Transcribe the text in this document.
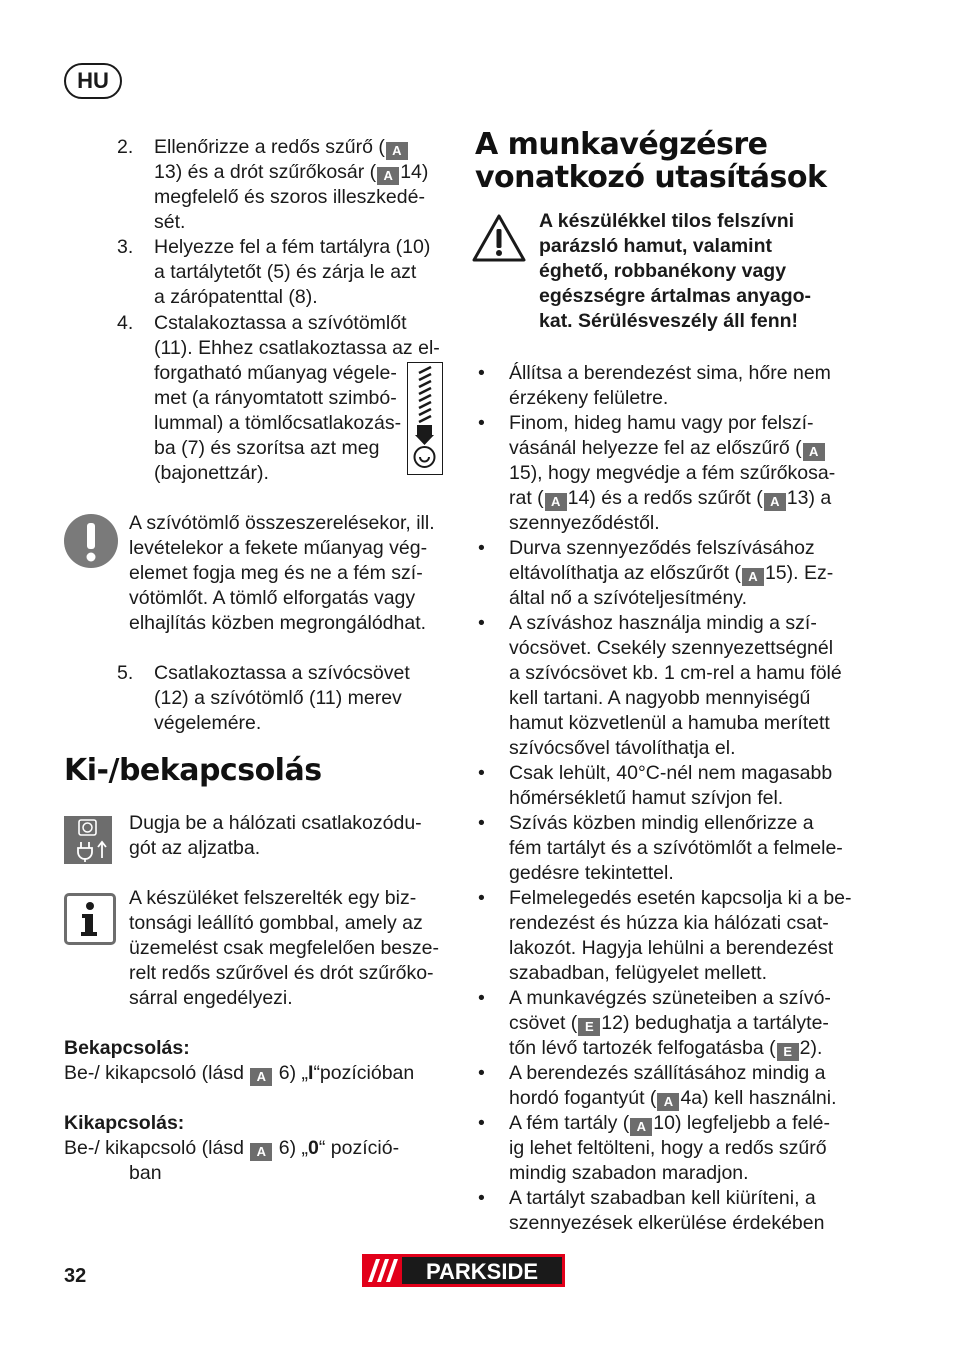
HU
2. Ellenőrizze a redős szűrő ( A
13) és a drót szűrőkosár ( A 14)
megfelelő és szoros illeszkedé-
sét.
3. Helyezze fel a fém tartályra (10)
a tartálytetőt (5) és zárja le azt
a zárópatenttal (8).
4. Cstalakoztassa a szívótömlőt
(11). Ehhez csatlakoztassa az el-
forgatható műanyag végele-
met (a rányomtatott szimbó-
lummal) a tömlőcsatlakozás-
ba (7) és szorítsa azt meg
(bajonettzár).
A szívótömlő összeszerelésekor, ill.
levételekor a fekete műanyag vég-
elemet fogja meg és ne a fém szí-
vótömlőt. A tömlő elforgatás vagy
elhajlítás közben megrongálódhat.
5. Csatlakoztassa a szívócsövet
(12) a szívótömlő (11) merev
végelemére.
Ki-/bekapcsolás
Dugja be a hálózati csatlakozódu-
gót az aljzatba.
A készüléket felszerelték egy biz-
tonsági leállító gombbal, amely az
üzemelést csak megfelelően besze-
relt redős szűrővel és drót szűrőko-
sárral engedélyezi.
Bekapcsolás:
Be-/ kikapcsoló (lásd A 6) „I“pozícióban
Kikapcsolás:
Be-/ kikapcsoló (lásd A 6) „0“ pozíció-
ban
A munkavégzésre
vonatkozó utasítások
A készülékkel tilos felszívni
parázsló hamut, valamint
éghető, robbanékony vagy
egészségre ártalmas anyago-
kat. Sérülésveszély áll fenn!
• Állítsa a berendezést sima, hőre nem
érzékeny felületre.
• Finom, hideg hamu vagy por felszí-
vásánál helyezze fel az előszűrő ( A
15), hogy megvédje a fém szűrőkosa-
rat ( A 14) és a redős szűrőt ( A 13) a
szennyeződéstől.
• Durva szennyeződés felszívásához
eltávolíthatja az előszűrőt ( A 15). Ez-
által nő a szívóteljesítmény.
• A szíváshoz használja mindig a szí-
vócsövet. Csekély szennyezettségnél
a szívócsövet kb. 1 cm-rel a hamu fölé
kell tartani. A nagyobb mennyiségű
hamut közvetlenül a hamuba merített
szívócsővel távolíthatja el.
• Csak lehült, 40°C-nél nem magasabb
hőmérsékletű hamut szívjon fel.
• Szívás közben mindig ellenőrizze a
fém tartályt és a szívótömlőt a felmele-
gedésre tekintettel.
• Felmelegedés esetén kapcsolja ki a be-
rendezést és húzza kia hálózati csat-
lakozót. Hagyja lehülni a berendezést
szabadban, felügyelet mellett.
• A munkavégzés szüneteiben a szívó-
csövet ( E 12) bedughatja a tartályte-
tőn lévő tartozék felfogatásba ( E 2).
• A berendezés szállításához mindig a
hordó fogantyút ( A 4a) kell használni.
• A fém tartály ( A 10) legfeljebb a felé-
ig lehet feltölteni, hogy a redős szűrő
mindig szabadon maradjon.
• A tartályt szabadban kell kiüríteni, a
szennyezések elkerülése érdekében
32	PARKSIDE
